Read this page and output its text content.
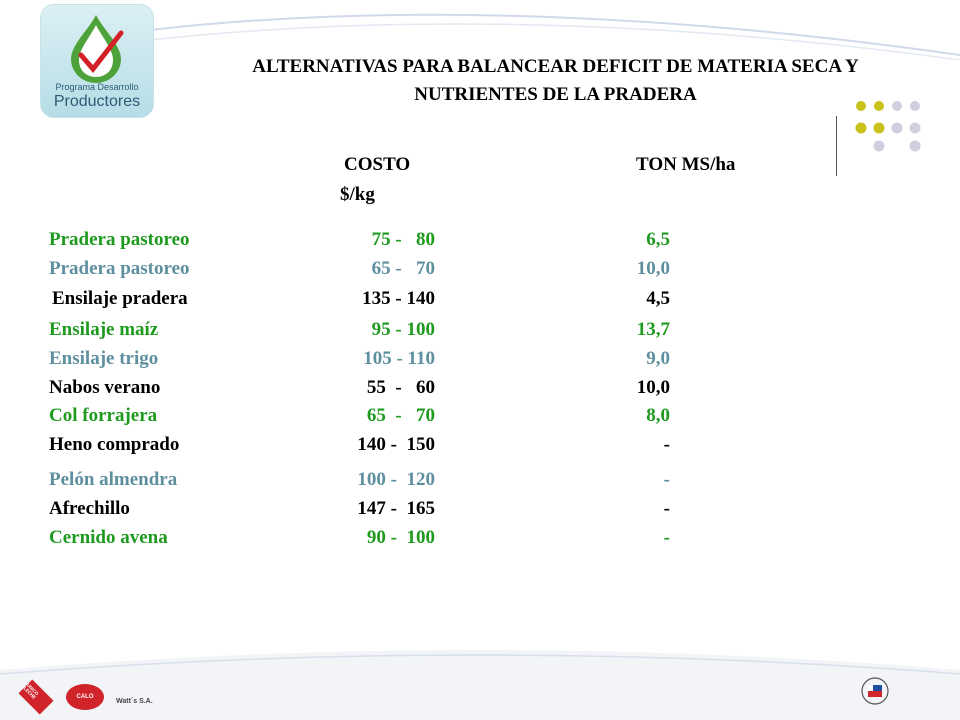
Programa Desarrollo
Productores
ALTERNATIVAS PARA BALANCEAR DEFICIT DE MATERIA SECA Y
NUTRIENTES DE LA PRADERA
COSTO
$/kg
TON MS/ha
Pradera pastoreo	75 -   80	6,5
Pradera pastoreo	65 -   70	10,0
Ensilaje pradera	135 - 140	4,5
Ensilaje maíz	95 - 100	13,7
Ensilaje trigo	105 - 110	9,0
Nabos verano	55  -   60	10,0
Col forrajera	65  -   70	8,0
Heno comprado	140 -  150	-
Pelón almendra	100 -  120	-
Afrechillo	147 -  165	-
Cernido avena	90 -  100	-
UNICO LECHE	CALO
Watt´s S.A.
